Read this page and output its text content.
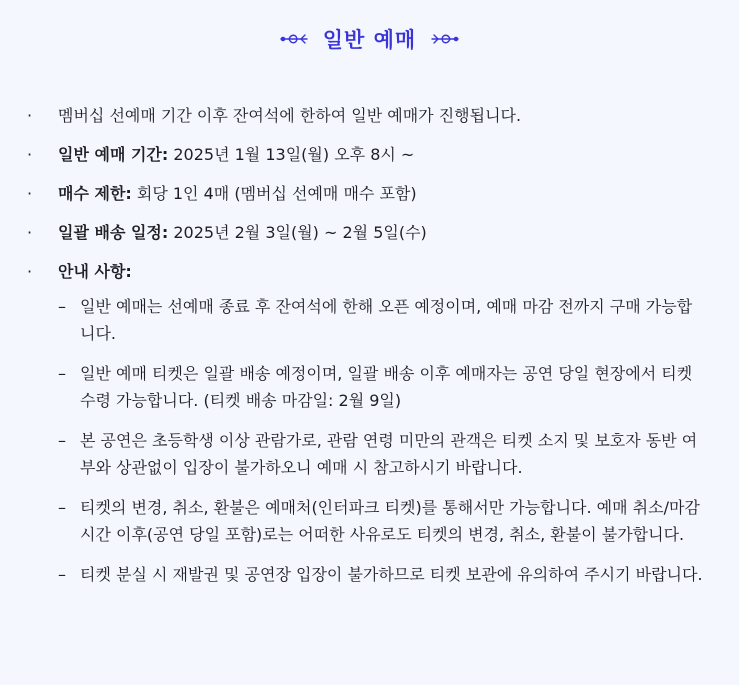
일반 예매
· 멤버십 선예매 기간 이후 잔여석에 한하여 일반 예매가 진행됩니다.
· 일반 예매 기간: 2025년 1월 13일(월) 오후 8시 ~
· 매수 제한: 회당 1인 4매 (멤버십 선예매 매수 포함)
· 일괄 배송 일정: 2025년 2월 3일(월) ~ 2월 5일(수)
· 안내 사항:
– 일반 예매는 선예매 종료 후 잔여석에 한해 오픈 예정이며, 예매 마감 전까지 구매 가능합니다.
– 일반 예매 티켓은 일괄 배송 예정이며, 일괄 배송 이후 예매자는 공연 당일 현장에서 티켓 수령 가능합니다. (티켓 배송 마감일: 2월 9일)
– 본 공연은 초등학생 이상 관람가로, 관람 연령 미만의 관객은 티켓 소지 및 보호자 동반 여부와 상관없이 입장이 불가하오니 예매 시 참고하시기 바랍니다.
– 티켓의 변경, 취소, 환불은 예매처(인터파크 티켓)를 통해서만 가능합니다. 예매 취소/마감 시간 이후(공연 당일 포함)로는 어떠한 사유로도 티켓의 변경, 취소, 환불이 불가합니다.
– 티켓 분실 시 재발권 및 공연장 입장이 불가하므로 티켓 보관에 유의하여 주시기 바랍니다.
